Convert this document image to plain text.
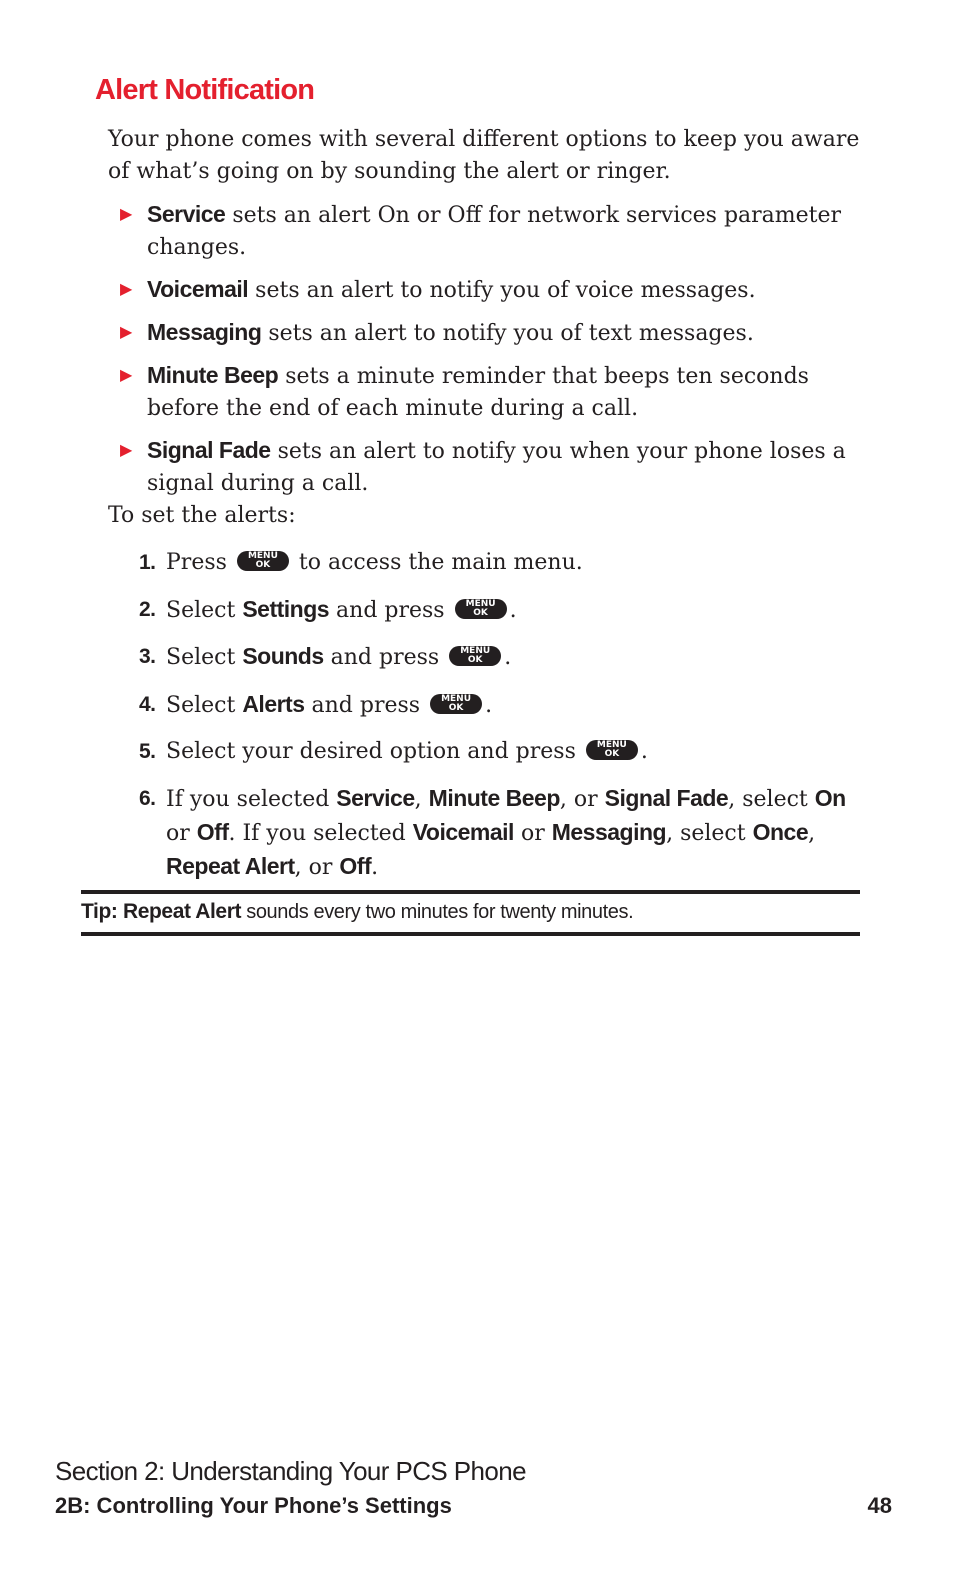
Alert Notification

Your phone comes with several different options to keep you aware of what’s going on by sounding the alert or ringer.

▶ Service sets an alert On or Off for network services parameter changes.
▶ Voicemail sets an alert to notify you of voice messages.
▶ Messaging sets an alert to notify you of text messages.
▶ Minute Beep sets a minute reminder that beeps ten seconds before the end of each minute during a call.
▶ Signal Fade sets an alert to notify you when your phone loses a signal during a call.

To set the alerts:

1. Press	MENU
OK to access the main menu.
2. Select Settings and press	MENU
OK .
3. Select Sounds and press	MENU
OK .
4. Select Alerts and press	MENU
OK .
5. Select your desired option and press	MENU
OK .
6. If you selected Service, Minute Beep, or Signal Fade, select On or Off. If you selected Voicemail or Messaging, select Once, Repeat Alert, or Off.

Tip: Repeat Alert sounds every two minutes for twenty minutes.

Section 2: Understanding Your PCS Phone
2B: Controlling Your Phone’s Settings	48
